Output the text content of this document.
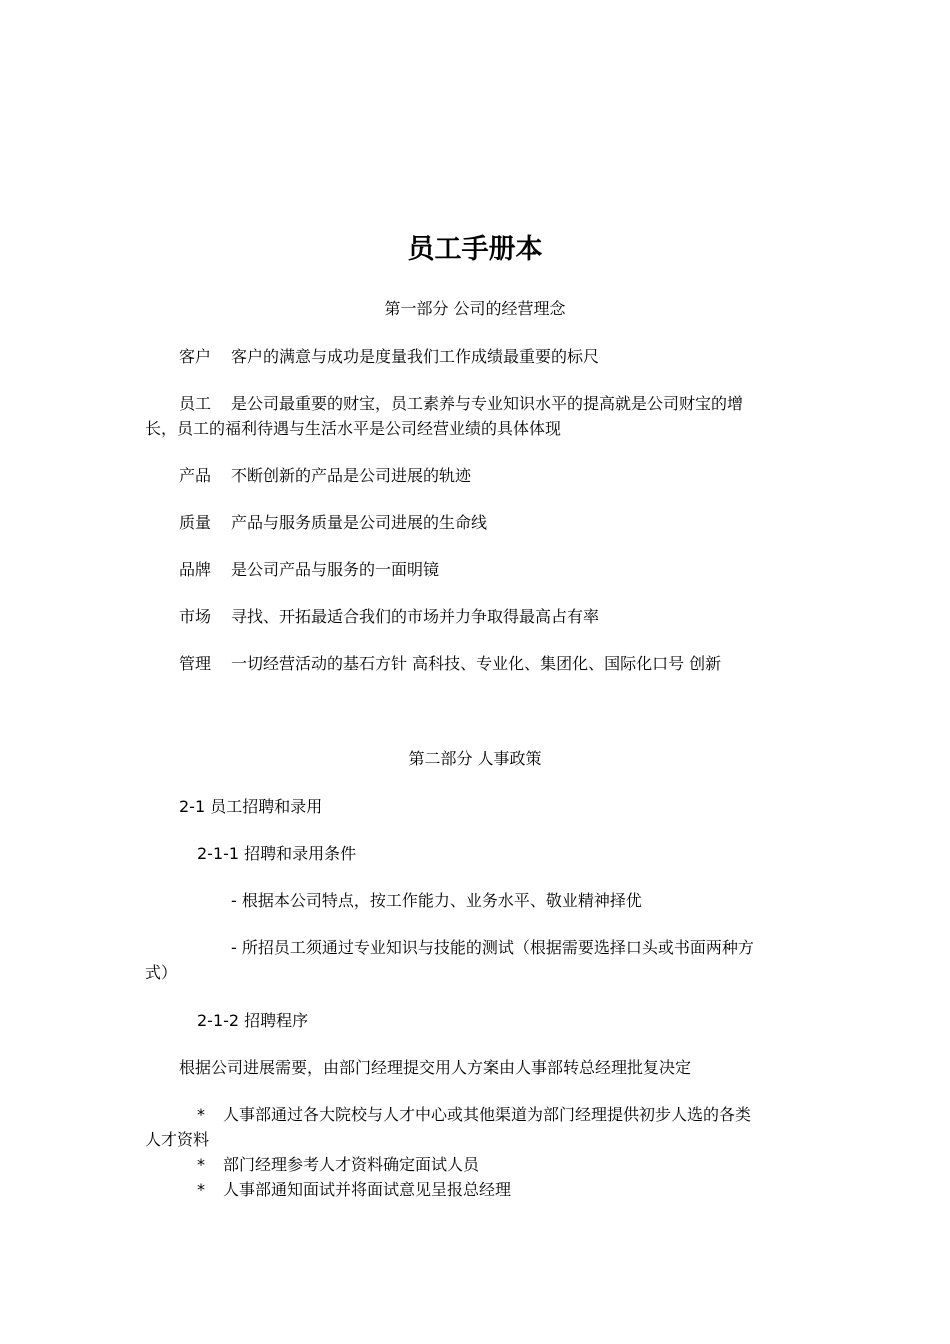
员工手册本
第一部分 公司的经营理念
客户 客户的满意与成功是度量我们工作成绩最重要的标尺
员工 是公司最重要的财宝，员工素养与专业知识水平的提高就是公司财宝的增
长，员工的福利待遇与生活水平是公司经营业绩的具体体现
产品 不断创新的产品是公司进展的轨迹
质量 产品与服务质量是公司进展的生命线
品牌 是公司产品与服务的一面明镜
市场 寻找、开拓最适合我们的市场并力争取得最高占有率
管理 一切经营活动的基石方针 高科技、专业化、集团化、国际化口号 创新
第二部分 人事政策
2-1 员工招聘和录用
2-1-1 招聘和录用条件
- 根据本公司特点，按工作能力、业务水平、敬业精神择优
- 所招员工须通过专业知识与技能的测试（根据需要选择口头或书面两种方
式）
2-1-2 招聘程序
根据公司进展需要，由部门经理提交用人方案由人事部转总经理批复决定
* 人事部通过各大院校与人才中心或其他渠道为部门经理提供初步人选的各类
人才资料
* 部门经理参考人才资料确定面试人员
* 人事部通知面试并将面试意见呈报总经理
